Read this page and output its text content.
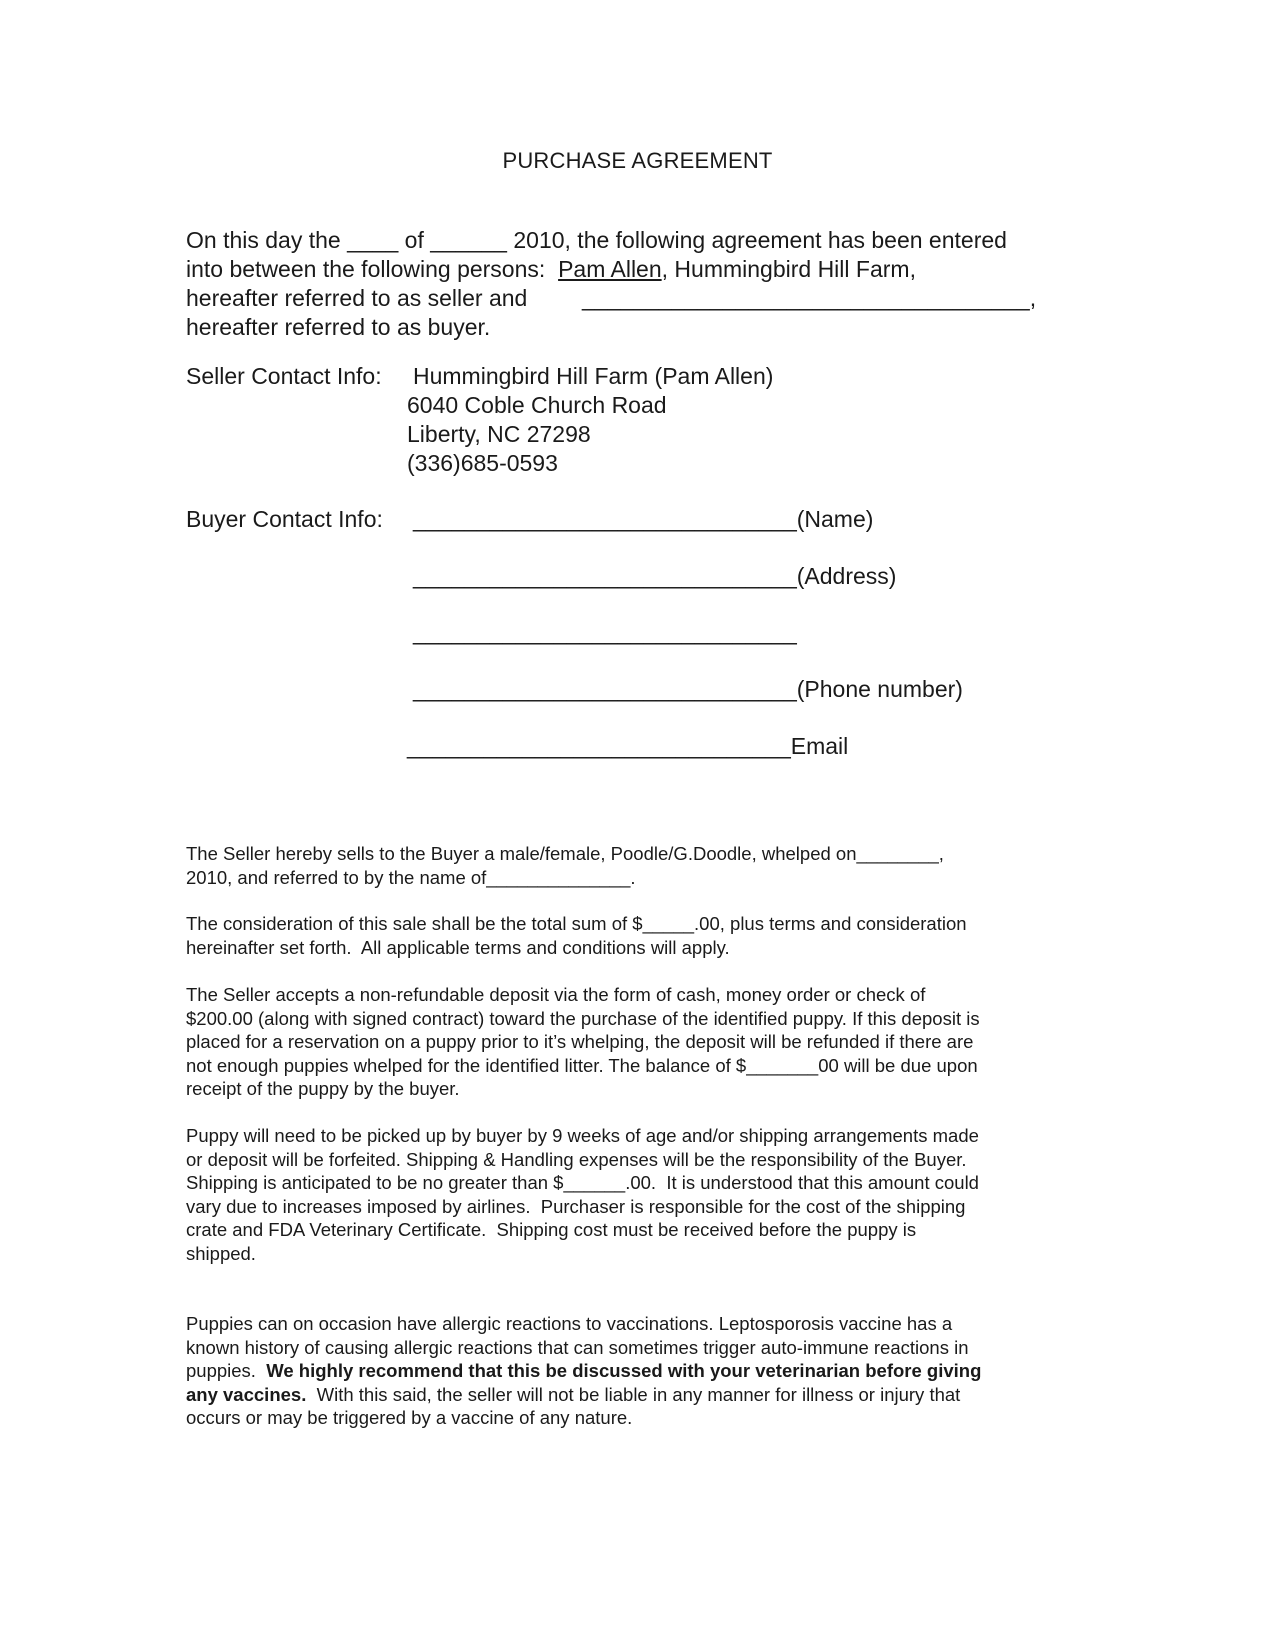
PURCHASE AGREEMENT
On this day the ____ of ______ 2010, the following agreement has been entered
into between the following persons:  Pam Allen, Hummingbird Hill Farm,
hereafter referred to as seller and ___________________________________,
hereafter referred to as buyer.
Seller Contact Info: Hummingbird Hill Farm (Pam Allen)
6040 Coble Church Road
Liberty, NC 27298
(336)685-0593
Buyer Contact Info: ______________________________(Name)
______________________________(Address)
______________________________
______________________________(Phone number)
______________________________Email
The Seller hereby sells to the Buyer a male/female, Poodle/G.Doodle, whelped on________,
2010, and referred to by the name of______________.
The consideration of this sale shall be the total sum of $_____.00, plus terms and consideration
hereinafter set forth.  All applicable terms and conditions will apply.
The Seller accepts a non-refundable deposit via the form of cash, money order or check of
$200.00 (along with signed contract) toward the purchase of the identified puppy. If this deposit is
placed for a reservation on a puppy prior to it’s whelping, the deposit will be refunded if there are
not enough puppies whelped for the identified litter. The balance of $_______00 will be due upon
receipt of the puppy by the buyer.
Puppy will need to be picked up by buyer by 9 weeks of age and/or shipping arrangements made
or deposit will be forfeited. Shipping & Handling expenses will be the responsibility of the Buyer.
Shipping is anticipated to be no greater than $______.00.  It is understood that this amount could
vary due to increases imposed by airlines.  Purchaser is responsible for the cost of the shipping
crate and FDA Veterinary Certificate.  Shipping cost must be received before the puppy is
shipped.
Puppies can on occasion have allergic reactions to vaccinations. Leptosporosis vaccine has a
known history of causing allergic reactions that can sometimes trigger auto-immune reactions in
puppies.  We highly recommend that this be discussed with your veterinarian before giving
any vaccines.  With this said, the seller will not be liable in any manner for illness or injury that
occurs or may be triggered by a vaccine of any nature.
